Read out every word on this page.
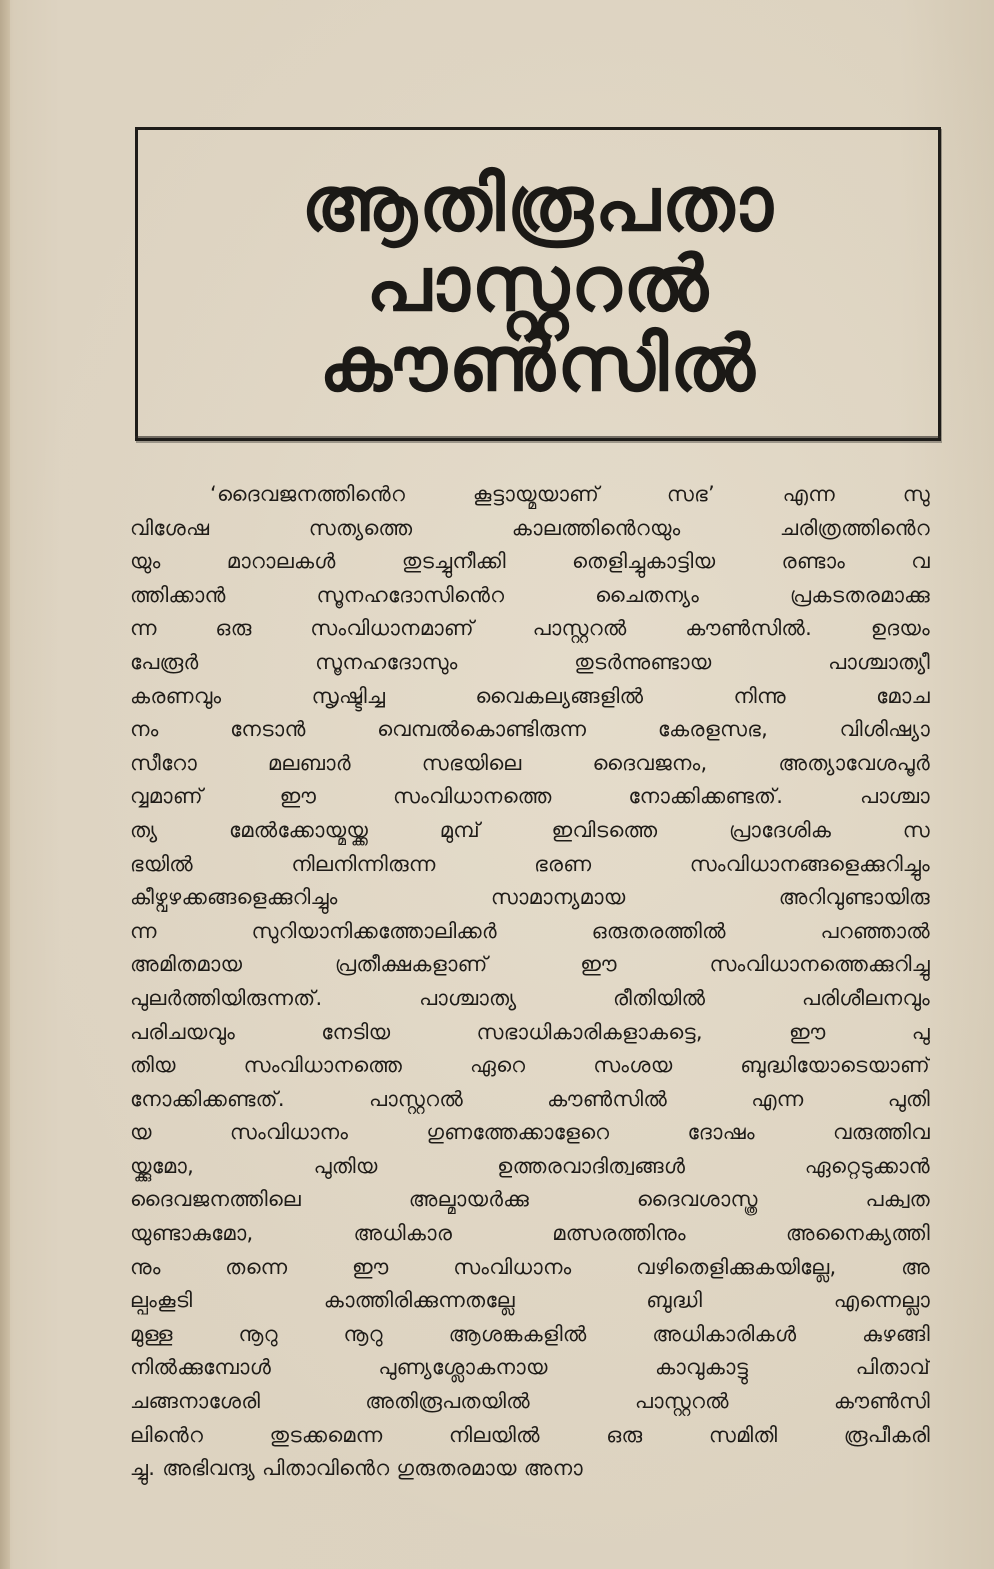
ആതിരൂപതാ
പാസ്റ്ററൽ
കൗൺസിൽ
‘ദൈവജനത്തിൻെറ കൂട്ടായ്മയാണ് സഭ’ എന്ന സു
വിശേഷ സത്യത്തെ കാലത്തിൻെറയും ചരിത്രത്തിൻെറ
യും മാറാലകൾ തുടച്ചുനീക്കി തെളിച്ചുകാട്ടിയ രണ്ടാം വ
ത്തിക്കാൻ സൂനഹദോസിൻെറ ചൈതന്യം പ്രകടതരമാക്കു
ന്ന ഒരു സംവിധാനമാണ് പാസ്റ്ററൽ കൗൺസിൽ. ഉദയം
പേരൂർ സൂനഹദോസും തുടർന്നുണ്ടായ പാശ്ചാത്യീ
കരണവും സൃഷ്ടിച്ച വൈകല്യങ്ങളിൽ നിന്നു മോച
നം നേടാൻ വെമ്പൽകൊണ്ടിരുന്ന കേരളസഭ, വിശിഷ്യാ
സീറോ മലബാർ സഭയിലെ ദൈവജനം, അത്യാവേശപൂർ
വ്വമാണ് ഈ സംവിധാനത്തെ നോക്കിക്കണ്ടത്. പാശ്ചാ
ത്യ മേൽക്കോയ്മയ്ക്ക മുമ്പ് ഇവിടത്തെ പ്രാദേശിക സ
ഭയിൽ നിലനിന്നിരുന്ന ഭരണ സംവിധാനങ്ങളെക്കുറിച്ചും
കീഴ്വഴക്കങ്ങളെക്കുറിച്ചും സാമാന്യമായ അറിവുണ്ടായിരു
ന്ന സുറിയാനിക്കത്തോലിക്കർ ഒരുതരത്തിൽ പറഞ്ഞാൽ
അമിതമായ പ്രതീക്ഷകളാണ് ഈ സംവിധാനത്തെക്കുറിച്ചു
പുലർത്തിയിരുന്നത്. പാശ്ചാത്യ രീതിയിൽ പരിശീലനവും
പരിചയവും നേടിയ സഭാധികാരികളാകട്ടെ, ഈ പു
തിയ സംവിധാനത്തെ ഏറെ സംശയ ബുദ്ധിയോടെയാണ്
നോക്കിക്കണ്ടത്. പാസ്റ്ററൽ കൗൺസിൽ എന്ന പുതി
യ സംവിധാനം ഗുണത്തേക്കാളേറെ ദോഷം വരുത്തിവ
യ്ക്കുമോ, പുതിയ ഉത്തരവാദിത്വങ്ങൾ ഏറ്റെടുക്കാൻ
ദൈവജനത്തിലെ അല്മായർക്കു ദൈവശാസ്ത്ര പക്വത
യുണ്ടാകുമോ, അധികാര മത്സരത്തിനും അനൈക്യത്തി
നും തന്നെ ഈ സംവിധാനം വഴിതെളിക്കുകയില്ലേ, അ
ല്പംകൂടി കാത്തിരിക്കുന്നതല്ലേ ബുദ്ധി എന്നെല്ലാ
മുള്ള നൂറു നൂറു ആശങ്കകളിൽ അധികാരികൾ കുഴങ്ങി
നിൽക്കുമ്പോൾ പുണ്യശ്ലോകനായ കാവുകാട്ടു പിതാവ്
ചങ്ങനാശേരി അതിരൂപതയിൽ പാസ്റ്ററൽ കൗൺസി
ലിൻെറ തുടക്കമെന്ന നിലയിൽ ഒരു സമിതി രൂപീകരി
ച്ചു. അഭിവന്ദ്യ പിതാവിൻെറ ഗുരുതരമായ അനാ
